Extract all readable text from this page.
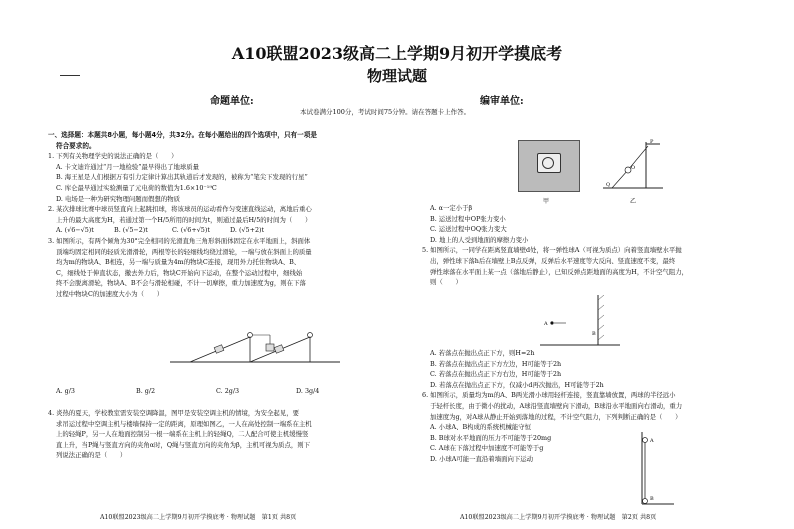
A10联盟2023级高二上学期9月初开学摸底考
物理试题
命题单位:	编审单位:
本试卷满分100分，考试时间75分钟。请在答题卡上作答。

一、选择题：本题共8小题，每小题4分，共32分。在每小题给出的四个选项中，只有一项是

符合要求的。

1. 下列有关物理学史的说法正确的是（　　）

A. 卡文迪许通过“月一地检验”最早得出了地球质量

B. 海王星是人们根据万有引力定律计算出其轨道后才发现的，被称为“笔尖下发现的行星”

C. 库仑最早通过实验测量了元电荷的数值为1.6×10⁻¹⁹C

D. 电场是一种为研究物理问题而假想的物质

2. 某次排球比赛中球员竖直向上起跳扣球，将该球员的运动看作匀变速直线运动，离地后重心

上升的最大高度为H，若通过第一个H/5所用的时间为t，则通过最后H/5的时间为（　　）

A. (√6−√5)t	B. (√5−2)t	C. (√6+√5)t	D. (√5+2)t

3. 如图所示，有两个倾角为30°完全相同的光滑直角三角形斜面体固定在水平地面上，斜面体

顶端均固定相同的轻质光滑滑轮，两根等长的轻细线均绕过滑轮，一端与放在斜面上的质量

均为m的物块A、B相连，另一端与质量为4m的物块C连接，现用外力托住物块A、B、

C，细线处于伸直状态，撤去外力后，物块C开始向下运动，在整个运动过程中，细线始

终不会脱离滑轮，物块A、B不会与滑轮相碰，不计一切摩擦，重力加速度为g，则在下落

过程中物块C的加速度大小为（　　）

A. g/3	B. g/2	C. 2g/3	D. 3g/4

4. 炎热的夏天，学校教室需安装空调降温，图甲是安装空调主机的情境，为安全起见，要

求吊运过程中空调主机与楼墙保持一定的距离，原理如图乙，一人在高处控制一端系在主机

上的轻绳P，另一人在地面控制另一根一端系在主机上的轻绳Q，二人配合可使主机缓慢竖

直上升，当P绳与竖直方向的夹角α时，Q绳与竖直方向的夹角为β，主机可视为质点，则下

列说法正确的是（　　）

A10联盟2023级高二上学期9月初开学摸底考 · 物理试题　第1页 共8页
P
O
Q
甲	乙

A. α一定小于β

B. 运送过程中OP张力变小

C. 运送过程中OQ张力变大

D. 地上的人受到地面的摩擦力变小

5. 如图所示，一同学在距离竖直墙壁d处，将一弹性球A（可视为质点）向着竖直墙壁水平抛

出，弹性球下落h后在墙壁上B点反弹，反弹后水平速度等大反向、竖直速度不变，最终

弹性球落在水平面上某一点（落地后静止），已知反弹点距地面的高度为H，不计空气阻力，

则（　　）

A
B

A. 若落点在抛出点正下方，则H=2h

B. 若落点在抛出点正下方左边，H可能等于2h

C. 若落点在抛出点正下方右边，H可能等于2h

D. 若落点在抛出点正下方，仅减小d再次抛出，H可能等于2h

6. 如图所示，质量均为m的A、B两光滑小球用轻杆连接，竖直靠墙放置，两球的半径远小

于轻杆长度，由于微小的扰动，A球沿竖直墙壁向下滑动，B球沿水平地面向右滑动，重力

加速度为g，对A球从静止开始到落地的过程，不计空气阻力，下列判断正确的是（　　）

A. 小球A、B构成的系统机械能守恒

B. B球对水平地面的压力不可能等于20mg

C. A球在下落过程中加速度不可能等于g

D. 小球A可能一直沿着墙面向下运动

A
B
A10联盟2023级高二上学期9月初开学摸底考 · 物理试题　第2页 共8页
